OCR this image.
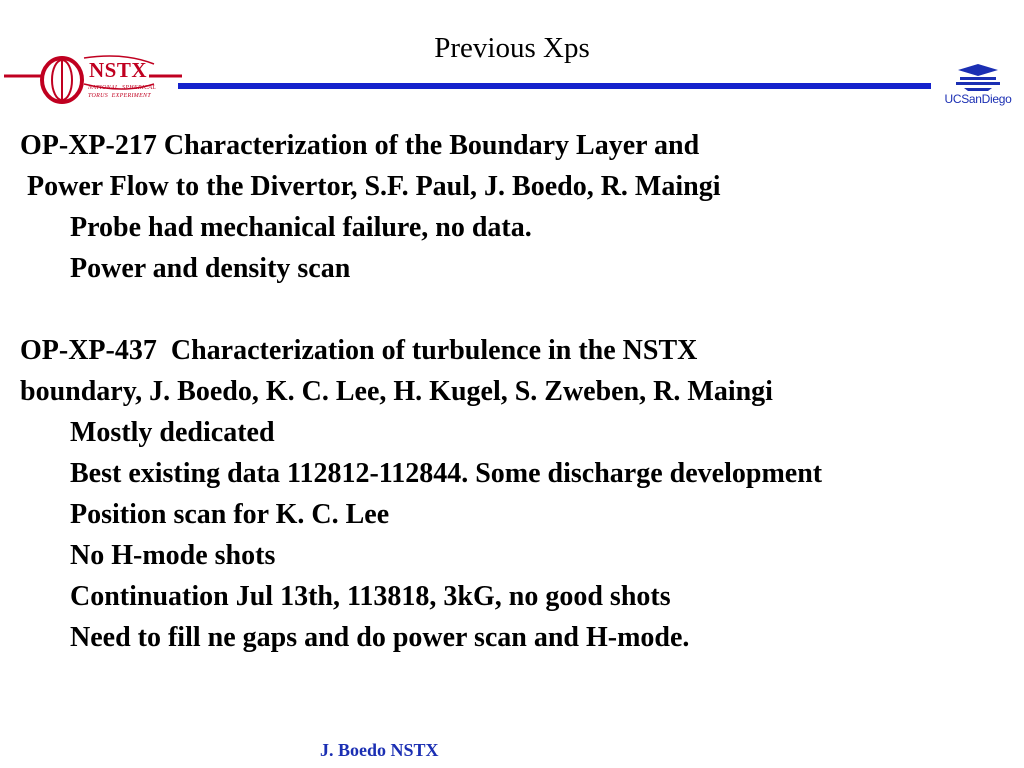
Previous Xps
NSTX
NATIONAL  SPHERICAL
TORUS  EXPERIMENT	UCSanDiego
OP-XP-217 Characterization of the Boundary Layer and
Power Flow to the Divertor, S.F. Paul, J. Boedo, R. Maingi
Probe had mechanical failure, no data.
Power and density scan
OP-XP-437  Characterization of turbulence in the NSTX
boundary, J. Boedo, K. C. Lee, H. Kugel, S. Zweben, R. Maingi
Mostly dedicated
Best existing data 112812-112844. Some discharge development
Position scan for K. C. Lee
No H-mode shots
Continuation Jul 13th, 113818, 3kG, no good shots
Need to fill ne gaps and do power scan and H-mode.
J. Boedo NSTX
